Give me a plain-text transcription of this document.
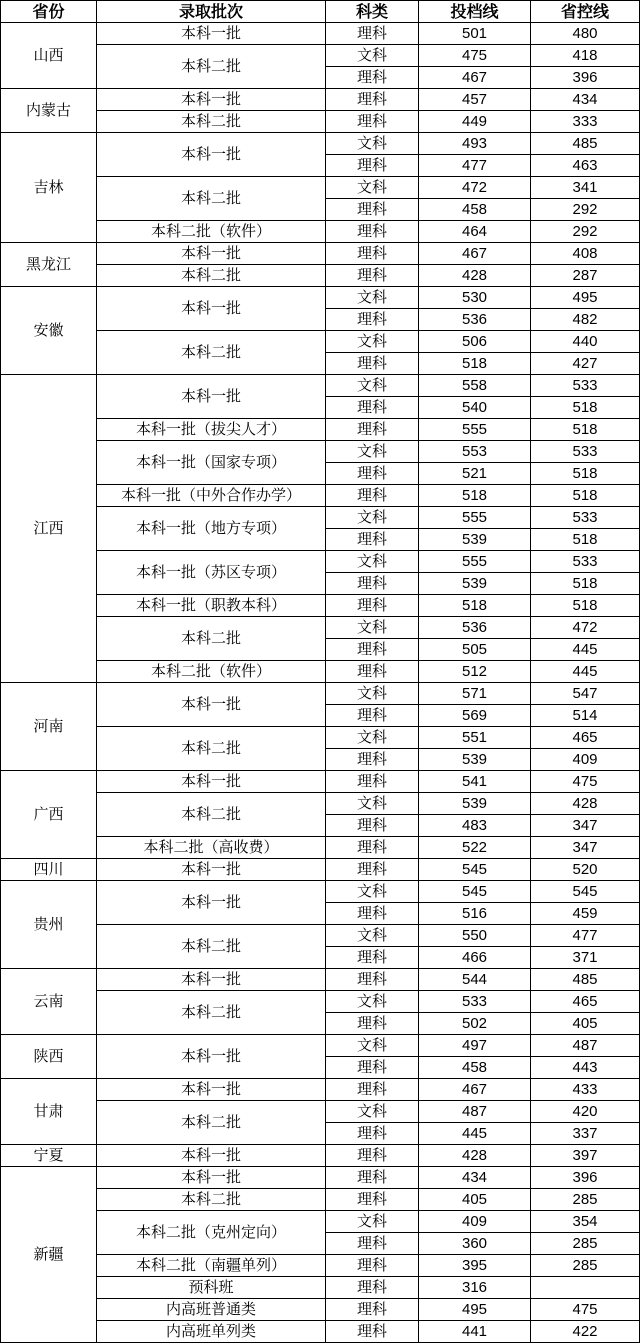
省份	录取批次	科类	投档线	省控线
山西	本科一批	理科	501	480
	本科二批	文科	475	418
		理科	467	396
内蒙古	本科一批	理科	457	434
	本科二批	理科	449	333
吉林	本科一批	文科	493	485
		理科	477	463
	本科二批	文科	472	341
		理科	458	292
	本科二批（软件）	理科	464	292
黑龙江	本科一批	理科	467	408
	本科二批	理科	428	287
安徽	本科一批	文科	530	495
		理科	536	482
	本科二批	文科	506	440
		理科	518	427
江西	本科一批	文科	558	533
		理科	540	518
	本科一批（拔尖人才）	理科	555	518
	本科一批（国家专项）	文科	553	533
		理科	521	518
	本科一批（中外合作办学）	理科	518	518
	本科一批（地方专项）	文科	555	533
		理科	539	518
	本科一批（苏区专项）	文科	555	533
		理科	539	518
	本科一批（职教本科）	理科	518	518
	本科二批	文科	536	472
		理科	505	445
	本科二批（软件）	理科	512	445
河南	本科一批	文科	571	547
		理科	569	514
	本科二批	文科	551	465
		理科	539	409
广西	本科一批	理科	541	475
	本科二批	文科	539	428
		理科	483	347
	本科二批（高收费）	理科	522	347
四川	本科一批	理科	545	520
贵州	本科一批	文科	545	545
		理科	516	459
	本科二批	文科	550	477
		理科	466	371
云南	本科一批	理科	544	485
	本科二批	文科	533	465
		理科	502	405
陕西	本科一批	文科	497	487
		理科	458	443
甘肃	本科一批	理科	467	433
	本科二批	文科	487	420
		理科	445	337
宁夏	本科一批	理科	428	397
新疆	本科一批	理科	434	396
	本科二批	理科	405	285
	本科二批（克州定向）	文科	409	354
		理科	360	285
	本科二批（南疆单列）	理科	395	285
	预科班	理科	316	
	内高班普通类	理科	495	475
	内高班单列类	理科	441	422
